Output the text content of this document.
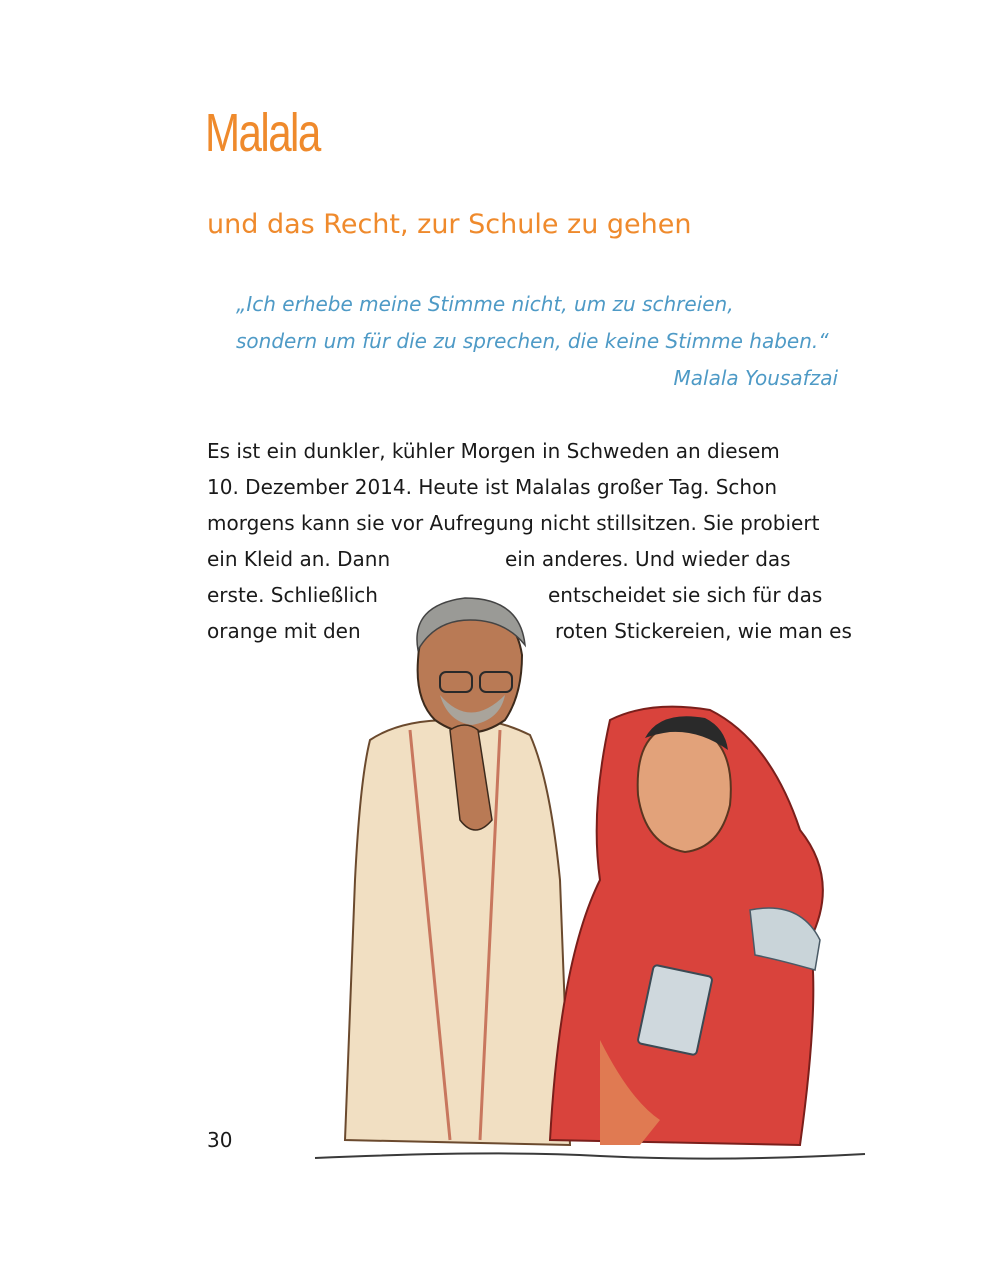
Malala
und das Recht, zur Schule zu gehen
„Ich erhebe meine Stimme nicht, um zu schreien,
sondern um für die zu sprechen, die keine Stimme haben.“
Malala Yousafzai
Es ist ein dunkler, kühler Morgen in Schweden an diesem
10. Dezember 2014. Heute ist Malalas großer Tag. Schon
morgens kann sie vor Aufregung nicht stillsitzen. Sie probiert
ein Kleid an. Dann	ein anderes. Und wieder das
erste. Schließlich	entscheidet sie sich für das
orange mit den	roten Stickereien, wie man es
30
